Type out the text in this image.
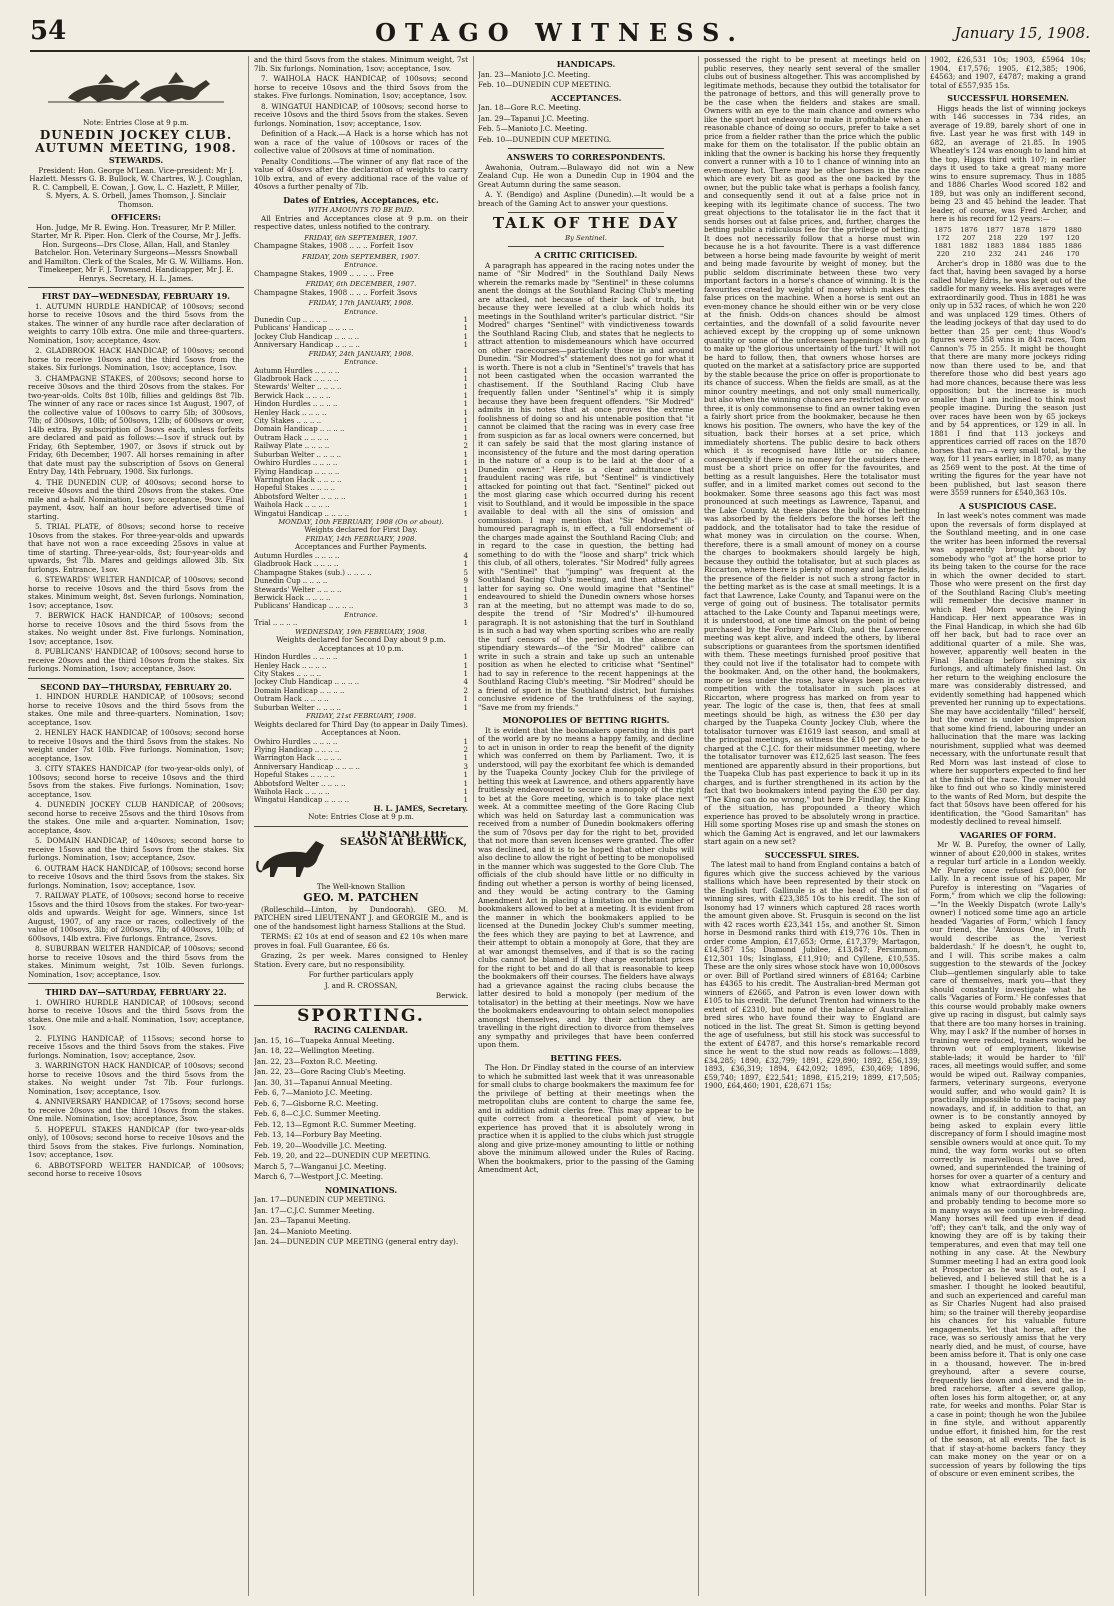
54	OTAGO WITNESS.	January 15, 1908.

Note: Entries Close at 9 p.m.

DUNEDIN JOCKEY CLUB.
AUTUMN MEETING, 1908.
STEWARDS.

President: Hon. George M'Lean. Vice-president: Mr J. Hazlett. Messrs G. B. Bullock, W. Chartres, W. J. Coughlan, R. C. Campbell, E. Cowan, J. Gow, L. C. Hazlett, P. Miller, S. Myers, A. S. Orbell, James Thomson, J. Sinclair Thomson.

OFFICERS:

Hon. Judge, Mr R. Ewing. Hon. Treasurer, Mr P. Miller. Starter, Mr R. Piper. Hon. Clerk of the Course, Mr J. Jeffs. Hon. Surgeons—Drs Close, Allan, Hall, and Stanley Batchelor. Hon. Veterinary Surgeons—Messrs Snowball and Hamilton. Clerk of the Scales, Mr G. W. Williams. Hon. Timekeeper, Mr F. J. Townsend. Handicapper, Mr J. E. Henrys. Secretary, H. L. James.

FIRST DAY—WEDNESDAY, FEBRUARY 19.

1. AUTUMN HURDLE HANDICAP, of 100sovs; second horse to receive 10sovs and the third 5sovs from the stakes. The winner of any hurdle race after declaration of weights to carry 10lb extra. One mile and three-quarters. Nomination, 1sov; acceptance, 4sov.

2. GLADBROOK HACK HANDICAP, of 100sovs; second horse to receive 10sovs and the third 5sovs from the stakes. Six furlongs. Nomination, 1sov; acceptance, 1sov.

3. CHAMPAGNE STAKES, of 200sovs; second horse to receive 30sovs and the third 20sovs from the stakes. For two-year-olds. Colts 8st 10lb, fillies and geldings 8st 7lb. The winner of any race or races since 1st August, 1907, of the collective value of 100sovs to carry 5lb; of 300sovs, 7lb; of 300sovs, 10lb; of 500sovs, 12lb; of 600sovs or over, 14lb extra. By subscription of 3sovs each, unless forfeits are declared and paid as follows:—1sov if struck out by Friday, 6th September, 1907, or 3sovs if struck out by Friday, 6th December, 1907. All horses remaining in after that date must pay the subscription of 5sovs on General Entry Day, 14th February, 1908. Six furlongs.

4. THE DUNEDIN CUP, of 400sovs; second horse to receive 40sovs and the third 20sovs from the stakes. One mile and a-half. Nomination, 1sov; acceptance, 9sov. Final payment, 4sov, half an hour before advertised time of starting.

5. TRIAL PLATE, of 80sovs; second horse to receive 10sovs from the stakes. For three-year-olds and upwards that have not won a race exceeding 25sovs in value at time of starting. Three-year-olds, 8st; four-year-olds and upwards, 9st 7lb. Mares and geldings allowed 3lb. Six furlongs. Entrance, 1sov.

6. STEWARDS' WELTER HANDICAP, of 100sovs; second horse to receive 10sovs and the third 5sovs from the stakes. Minimum weight, 8st. Seven furlongs. Nomination, 1sov; acceptance, 1sov.

7. BERWICK HACK HANDICAP, of 100sovs; second horse to receive 10sovs and the third 5sovs from the stakes. No weight under 8st. Five furlongs. Nomination, 1sov; acceptance, 1sov.

8. PUBLICANS' HANDICAP, of 100sovs; second horse to receive 20sovs and the third 10sovs from the stakes. Six furlongs. Nomination, 1sov; acceptance, 3sov.

SECOND DAY—THURSDAY, FEBRUARY 20.

1. HINDON HURDLE HANDICAP, of 100sovs; second horse to receive 10sovs and the third 5sovs from the stakes. One mile and three-quarters. Nomination, 1sov; acceptance, 1sov.

2. HENLEY HACK HANDICAP, of 100sovs; second horse to receive 10sovs and the third 5sovs from the stakes. No weight under 7st 10lb. Five furlongs. Nomination, 1sov; acceptance, 1sov.

3. CITY STAKES HANDICAP (for two-year-olds only), of 100sovs; second horse to receive 10sovs and the third 5sovs from the stakes. Five furlongs. Nomination, 1sov; acceptance, 1sov.

4. DUNEDIN JOCKEY CLUB HANDICAP, of 200sovs; second horse to receive 25sovs and the third 10sovs from the stakes. One mile and a-quarter. Nomination, 1sov; acceptance, 4sov.

5. DOMAIN HANDICAP, of 140sovs; second horse to receive 15sovs and the third 5sovs from the stakes. Six furlongs. Nomination, 1sov; acceptance, 2sov.

6. OUTRAM HACK HANDICAP, of 100sovs; second horse to receive 10sovs and the third 5sovs from the stakes. Six furlongs. Nomination, 1sov; acceptance, 1sov.

7. RAILWAY PLATE, of 100sovs; second horse to receive 15sovs and the third 10sovs from the stakes. For two-year-olds and upwards. Weight for age. Winners, since 1st August, 1907, of any race or races, collectively of the value of 100sovs, 3lb; of 200sovs, 7lb; of 400sovs, 10lb; of 600sovs, 14lb extra. Five furlongs. Entrance, 2sovs.

8. SUBURBAN WELTER HANDICAP, of 100sovs; second horse to receive 10sovs and the third 5sovs from the stakes. Minimum weight, 7st 10lb. Seven furlongs. Nomination, 1sov; acceptance, 1sov.

THIRD DAY—SATURDAY, FEBRUARY 22.

1. OWHIRO HURDLE HANDICAP, of 100sovs; second horse to receive 10sovs and the third 5sovs from the stakes. One mile and a-half. Nomination, 1sov; acceptance, 1sov.

2. FLYING HANDICAP, of 115sovs; second horse to receive 15sovs and the third 5sovs from the stakes. Five furlongs. Nomination, 1sov; acceptance, 2sov.

3. WARRINGTON HACK HANDICAP, of 100sovs; second horse to receive 10sovs and the third 5sovs from the stakes. No weight under 7st 7lb. Four furlongs. Nomination, 1sov; acceptance, 1sov.

4. ANNIVERSARY HANDICAP, of 175sovs; second horse to receive 20sovs and the third 10sovs from the stakes. One mile. Nomination, 1sov; acceptance, 3sov.

5. HOPEFUL STAKES HANDICAP (for two-year-olds only), of 100sovs; second horse to receive 10sovs and the third 5sovs from the stakes. Five furlongs. Nomination, 1sov; acceptance, 1sov.

6. ABBOTSFORD WELTER HANDICAP, of 100sovs; second horse to receive 10sovs

and the third 5sovs from the stakes. Minimum weight, 7st 7lb. Six furlongs. Nomination, 1sov; acceptance, 1sov.

7. WAIHOLA HACK HANDICAP, of 100sovs; second horse to receive 10sovs and the third 5sovs from the stakes. Five furlongs. Nomination, 1sov; acceptance, 1sov.

8. WINGATUI HANDICAP, of 100sovs; second horse to receive 10sovs and the third 5sovs from the stakes. Seven furlongs. Nomination, 1sov; acceptance, 1sov.

Definition of a Hack.—A Hack is a horse which has not won a race of the value of 100sovs or races of the collective value of 200sovs at time of nomination.

Penalty Conditions.—The winner of any flat race of the value of 40sovs after the declaration of weights to carry 10lb extra, and of every additional race of the value of 40sovs a further penalty of 7lb.

Dates of Entries, Acceptances, etc.
WITH AMOUNTS TO BE PAID.

All Entries and Acceptances close at 9 p.m. on their respective dates, unless notified to the contrary.

FRIDAY, 6th SEPTEMBER, 1907.

Champagne Stakes, 1908 .. .. .. Forfeit 1sov

FRIDAY, 20th SEPTEMBER, 1907.
Entrance.

Champagne Stakes, 1909 .. .. .. .. Free

FRIDAY, 6th DECEMBER, 1907.

Champagne Stakes, 1908 .. .. .. Forfeit 3sovs

FRIDAY, 17th JANUARY, 1908.
Entrance.
Dunedin Cup .. .. .. ..	1
Publicans' Handicap .. .. .. ..	1
Jockey Club Handicap .. .. .. ..	1
Anniversary Handicap .. .. .. ..	1
FRIDAY, 24th JANUARY, 1908.
Entrance.
Autumn Hurdles .. .. .. ..	1
Gladbrook Hack .. .. .. ..	1
Stewards' Welter .. .. .. ..	1
Berwick Hack .. .. .. ..	1
Hindon Hurdles .. .. .. ..	1
Henley Hack .. .. .. ..	1
City Stakes .. .. .. ..	1
Domain Handicap .. .. .. ..	1
Outram Hack .. .. .. ..	1
Railway Plate .. .. .. ..	2
Suburban Welter .. .. .. ..	1
Owhiro Hurdles .. .. .. ..	1
Flying Handicap .. .. .. ..	1
Warrington Hack .. .. .. ..	1
Hopeful Stakes .. .. .. ..	1
Abbotsford Welter .. .. .. ..	1
Waihola Hack .. .. .. ..	1
Wingatui Handicap .. .. .. ..	1
MONDAY, 10th FEBRUARY, 1908 (On or about).
Weights declared for First Day.
FRIDAY, 14th FEBRUARY, 1908.
Acceptances and Further Payments.
Autumn Hurdles .. .. .. ..	4
Gladbrook Hack .. .. .. ..	1
Champagne Stakes (sub.) .. .. .. ..	5
Dunedin Cup .. .. .. ..	9
Stewards' Welter .. .. .. ..	1
Berwick Hack .. .. .. ..	1
Publicans' Handicap .. .. .. ..	3
Entrance.
Trial .. .. .. ..	1
WEDNESDAY, 19th FEBRUARY, 1908.
Weights declared for Second Day about 9 p.m.
Acceptances at 10 p.m.
Hindon Hurdles .. .. .. ..	1
Henley Hack .. .. .. ..	1
City Stakes .. .. .. ..	1
Jockey Club Handicap .. .. .. ..	4
Domain Handicap .. .. .. ..	2
Outram Hack .. .. .. ..	1
Suburban Welter .. .. .. ..	1
FRIDAY, 21st FEBRUARY, 1908.
Weights declared for Third Day (to appear in Daily Times).
Acceptances at Noon.
Owhiro Hurdles .. .. .. ..	1
Flying Handicap .. .. .. ..	2
Warrington Hack .. .. .. ..	1
Anniversary Handicap .. .. .. ..	3
Hopeful Stakes .. .. .. ..	1
Abbotsford Welter .. .. .. ..	1
Waihola Hack .. .. .. ..	1
Wingatui Handicap .. .. .. ..	1
H. L. JAMES, Secretary.

Note: Entries Close at 9 p.m.

TO STAND THE SEASON At BERWICK,
The Well-known Stallion
GEO. M. PATCHEN

(Rolleschild—Linton, by Dundoorah). GEO. M. PATCHEN sired LIEUTENANT J. and GEORGIE M., and is one of the handsomest light harness Stallions at the Stud.

TERMS: £2 10s at end of season and £2 10s when mare proves in foal. Full Guarantee, £6 6s.

Grazing, 2s per week. Mares consigned to Henley Station. Every care, but no responsibility.

For further particulars apply

J. and R. CROSSAN,

Berwick.

SPORTING.
RACING CALENDAR.

Jan. 15, 16—Tuapeka Annual Meeting.

Jan. 18, 22—Wellington Meeting.

Jan. 22, 23—Foxton R.C. Meeting.

Jan. 22, 23—Gore Racing Club's Meeting.

Jan. 30, 31—Tapanui Annual Meeting.

Feb. 6, 7—Manioto J.C. Meeting.

Feb. 6, 7—Gisborne R.C. Meeting.

Feb. 6, 8—C.J.C. Summer Meeting.

Feb. 12, 13—Egmont R.C. Summer Meeting.

Feb. 13, 14—Forbury Bay Meeting.

Feb. 19, 20—Woodville J.C. Meeting.

Feb. 19, 20, and 22—DUNEDIN CUP MEETING.

March 5, 7—Wanganui J.C. Meeting.

March 6, 7—Westport J.C. Meeting.

NOMINATIONS.

Jan. 17—DUNEDIN CUP MEETING.

Jan. 17—C.J.C. Summer Meeting.

Jan. 23—Tapanui Meeting.

Jan. 24—Manioto Meeting.

Jan. 24—DUNEDIN CUP MEETING (general entry day).

HANDICAPS.

Jan. 23—Manioto J.C. Meeting.

Feb. 10—DUNEDIN CUP MEETING.

ACCEPTANCES.

Jan. 18—Gore R.C. Meeting.

Jan. 29—Tapanui J.C. Meeting.

Feb. 5—Manioto J.C. Meeting.

Feb. 10—DUNEDIN CUP MEETING.

ANSWERS TO CORRESPONDENTS.

Awahonia, Outram.—Bulawayo did not win a New Zealand Cup. He won a Dunedin Cup in 1904 and the Great Autumn during the same season.

A. Y. (Bendigo) and Aspline (Dunedin).—It would be a breach of the Gaming Act to answer your questions.

TALK OF THE DAY
By Sentinel.
A CRITIC CRITICISED.

A paragraph has appeared in the racing notes under the name of "Sir Modred" in the Southland Daily News wherein the remarks made by "Sentinel" in these columns anent the doings at the Southland Racing Club's meeting are attacked, not because of their lack of truth, but because they were levelled at a club which holds its meetings in the Southland writer's particular district. "Sir Modred" charges "Sentinel" with vindictiveness towards the Southland Racing Club, and states that he neglects to attract attention to misdemeanours which have occurred on other racecourses—particularly those in and around Dunedin. "Sir Modred's" statement does not go for what it is worth. There is not a club in "Sentinel's" travels that has not been castigated when the occasion warranted the chastisement. If the Southland Racing Club have frequently fallen under "Sentinel's" whip it is simply because they have been frequent offenders. "Sir Modred" admits in his notes that at once proves the extreme foolishness of doing so and his untenable position that "it cannot be claimed that the racing was in every case free from suspicion as far as local owners were concerned, but it can safely be said that the most glaring instance of inconsistency of the future and the most daring operation in the nature of a coup is to be laid at the door of a Dunedin owner." Here is a clear admittance that fraudulent racing was rife, but "Sentinel" is vindictively attacked for pointing out that fact. "Sentinel" picked out the most glaring case which occurred during his recent visit to Southland, and it would be impossible in the space available to deal with all the sins of omission and commission. I may mention that "Sir Modred's" ill-humoured paragraph is, in effect, a full endorsement of the charges made against the Southland Racing Club; and in regard to the case in question, the betting had something to do with the "loose and sharp" trick which this club, of all others, tolerates. "Sir Modred" fully agrees with "Sentinel" that "jumping" was frequent at the Southland Racing Club's meeting, and then attacks the latter for saying so. One would imagine that "Sentinel" endeavoured to shield the Dunedin owners whose horses ran at the meeting, but no attempt was made to do so, despite the trend of "Sir Modred's" ill-humoured paragraph. It is not astonishing that the turf in Southland is in such a bad way when sporting scribes who are really the turf censors of the period, in the absence of stipendiary stewards—of the "Sir Modred" calibre can write in such a strain and take up such an untenable position as when he elected to criticise what "Sentinel" had to say in reference to the recent happenings at the Southland Racing Club's meeting. "Sir Modred" should be a friend of sport in the Southland district, but furnishes conclusive evidence of the truthfulness of the saying, "Save me from my friends."

MONOPOLIES OF BETTING RIGHTS.

It is evident that the bookmakers operating in this part of the world are by no means a happy family, and decline to act in unison in order to reap the benefit of the dignity which was conferred on them by Parliament. Two, it is understood, will pay the exorbitant fee which is demanded by the Tuapeka County Jockey Club for the privilege of betting this week at Lawrence, and others apparently have fruitlessly endeavoured to secure a monopoly of the right to bet at the Gore meeting, which is to take place next week. At a committee meeting of the Gore Racing Club which was held on Saturday last a communication was received from a number of Dunedin bookmakers offering the sum of 70sovs per day for the right to bet, provided that not more than seven licenses were granted. The offer was declined, and it is to be hoped that other clubs will also decline to allow the right of betting to be monopolised in the manner which was suggested to the Gore Club. The officials of the club should have little or no difficulty in finding out whether a person is worthy of being licensed, and they would be acting contrary to the Gaming Amendment Act in placing a limitation on the number of bookmakers allowed to bet at a meeting. It is evident from the manner in which the bookmakers applied to be licensed at the Dunedin Jockey Club's summer meeting, the fees which they are paying to bet at Lawrence, and their attempt to obtain a monopoly at Gore, that they are at war amongst themselves, and if that is so the racing clubs cannot be blamed if they charge exorbitant prices for the right to bet and do all that is reasonable to keep the bookmakers off their courses. The fielders have always had a grievance against the racing clubs because the latter desired to hold a monopoly (per medium of the totalisator) in the betting at their meetings. Now we have the bookmakers endeavouring to obtain select monopolies amongst themselves, and by their action they are travelling in the right direction to divorce from themselves any sympathy and privileges that have been conferred upon them.

BETTING FEES.

The Hon. Dr Findlay stated in the course of an interview to which he submitted last week that it was unreasonable for small clubs to charge bookmakers the maximum fee for the privilege of betting at their meetings when the metropolitan clubs are content to charge the same fee, and in addition admit clerks free. This may appear to be quite correct from a theoretical point of view, but experience has proved that it is absolutely wrong in practice when it is applied to the clubs which just struggle along and give prize-money amounting to little or nothing above the minimum allowed under the Rules of Racing. When the bookmakers, prior to the passing of the Gaming Amendment Act,

possessed the right to be present at meetings held on public reserves, they nearly sent several of the smaller clubs out of business altogether. This was accomplished by legitimate methods, because they outbid the totalisator for the patronage of bettors, and this will generally prove to be the case when the fielders and stakes are small. Owners with an eye to the main chance and owners who like the sport but endeavour to make it profitable when a reasonable chance of doing so occurs, prefer to take a set price from a fielder rather than the price which the public make for them on the totalisator. If the public obtain an inkling that the owner is backing his horse they frequently convert a runner with a 10 to 1 chance of winning into an even-money hot. There may be other horses in the race which are every bit as good as the one backed by the owner, but the public take what is perhaps a foolish fancy, and consequently send it out at a false price not in keeping with its legitimate chance of success. The two great objections to the totalisator lie in the fact that it sends horses out at false prices, and, further, charges the betting public a ridiculous fee for the privilege of betting. It does not necessarily follow that a horse must win because he is a hot favourite. There is a vast difference between a horse being made favourite by weight of merit and being made favourite by weight of money, but the public seldom discriminate between these two very important factors in a horse's chance of winning. It is the favourites created by weight of money which makes the false prices on the machine. When a horse is sent out an even-money chance he should either win or be very close at the finish. Odds-on chances should be almost certainties, and the downfall of a solid favourite never achieved except by the cropping up of some unknown quantity or some of the unforeseen happenings which go to make up 'the glorious uncertainty of the turf.' It will not be hard to follow, then, that owners whose horses are quoted on the market at a satisfactory price are supported by the stable because the price on offer is proportionate to its chance of success. When the fields are small, as at the minor country meetings, and not only small numerically, but also when the winning chances are restricted to two or three, it is only commonsense to find an owner taking even a fairly short price from the bookmaker, because he then knows his position. The owners, who have the key of the situation, back their horses at a set price, which immediately shortens. The public desire to back others which it is recognised have little or no chance, consequently if there is no money for the outsiders there must be a short price on offer for the favourites, and betting as a result languishes. Here the totalisator must suffer, and in a limited market comes out second to the bookmaker. Some three seasons ago this fact was most pronounced at such meetings as Lawrence, Tapanui, and the Lake County. At these places the bulk of the betting was absorbed by the fielders before the horses left the paddock, and the totalisator had to take the residue of what money was in circulation on the course. When, therefore, there is a small amount of money on a course the charges to bookmakers should largely be high, because they outbid the totalisator, but at such places as Riccarton, where there is plenty of money and large fields, the presence of the fielder is not such a strong factor in the betting market as is the case at small meetings. It is a fact that Lawrence, Lake County, and Tapanui were on the verge of going out of business. The totalisator permits attached to the Lake County and Tapanui meetings were, it is understood, at one time almost on the point of being purchased by the Forbury Park Club, and the Lawrence meeting was kept alive, and indeed the others, by liberal subscriptions or guarantees from the sportsmen identified with them. These meetings furnished proof positive that they could not live if the totalisator had to compete with the bookmaker. And, on the other hand, the bookmakers, more or less under the rose, have always been in active competition with the totalisator in such places at Riccarton, where progress has marked on from year to year. The logic of the case is, then, that fees at small meetings should be high, as witness the £30 per day charged by the Tuapeka County Jockey Club, where the totalisator turnover was £1619 last season, and small at the principal meetings, as witness the £10 per day to be charged at the C.J.C. for their midsummer meeting, where the totalisator turnover was £12,625 last season. The fees mentioned are apparently absurd in their proportions, but the Tuapeka Club has past experience to back it up in its charges, and is further strengthened in its action by the fact that two bookmakers intend paying the £30 per day. "The King can do no wrong," but here Dr Findlay, the King of the situation, has propounded a theory which experience has proved to be absolutely wrong in practice. Hill some sporting Moses rise up and smash the stones on which the Gaming Act is engraved, and let our lawmakers start again on a new set?

SUCCESSFUL SIRES.

The latest mail to hand from England contains a batch of figures which give the success achieved by the various stallions which have been represented by their stock on the English turf. Gallinule is at the head of the list of winning sires, with £23,385 10s to his credit. The son of Isonomy had 17 winners which captured 28 races worth the amount given above. St. Frusquin is second on the list with 42 races worth £23,341 15s, and another St. Simon horse in Desmond ranks third with £19,776 10s. Then in order come Ampion, £17,653; Orme, £17,379; Martagon, £14,587 15s; Diamond Jubilee, £13,847; Persimmon, £12,301 10s; Isinglass, £11,910; and Cyllene, £10,535. These are the only sires whose stock have won 10,000sovs or over. Bill of Portland sired winners of £8164; Carbine has £4365 to his credit. The Australian-bred Merman got winners of £2665, and Patron is even lower down with £105 to his credit. The defunct Trenton had winners to the extent of £2310, but none of the balance of Australian-bred sires who have found their way to England are noticed in the list. The great St. Simon is getting beyond the age of usefulness, but still his stock was successful to the extent of £4787, and this horse's remarkable record since he went to the stud now reads as follows:—1889, £34,285; 1890, £32,799; 1891, £29,890; 1892, £56,139; 1893, £36,319; 1894, £42,092; 1895, £30,469; 1896, £59,740; 1897, £22,541; 1898, £15,219; 1899, £17,505; 1900, £64,460; 1901, £28,671 15s;

1902, £26,531 10s; 1903, £5964 10s; 1904, £17,576; 1905, £12,385; 1906, £4563; and 1907, £4787; making a grand total of £557,935 15s.

SUCCESSFUL HORSEMEN.

Higgs heads the list of winning jockeys with 146 successes in 734 rides, an average of 19.89, barely short of one in five. Last year he was first with 149 in 682, an average of 21.85. In 1905 Wheatley's 124 was enough to land him at the top, Higgs third with 107; in earlier days it used to take a great many more wins to ensure supremacy. Thus in 1885 and 1886 Charles Wood scored 182 and 189, but was only an indifferent second, being 23 and 45 behind the leader. That leader, of course, was Fred Archer, and here is his record for 12 years:—

1875	1876	1877	1878	1879	1880
172	207	218	229	197	120
1881	1882	1883	1884	1885	1886
220	210	232	241	246	170

Archer's drop in 1880 was due to the fact that, having been savaged by a horse called Muley Edris, he was kept out of the saddle for many weeks. His averages were extraordinarily good. Thus in 1881 he was only up in 532 races, of which he won 220 and was unplaced 129 times. Others of the leading jockeys of that day used to do better than 25 per cent; thus Wood's figures were 358 wins in 843 races, Tom Cannon's 75 in 255. It might be thought that there are many more jockeys riding now than there used to be, and that therefore those who did best years ago had more chances, because there was less opposition; but the increase is much smaller than I am inclined to think most people imagine. During the season just over races have been won by 65 jockeys and by 54 apprentices, or 129 in all. In 1881 I find that 113 jockeys and apprentices carried off races on the 1870 horses that ran—a very small total, by the way, for 11 years earlier, in 1870, as many as 2569 went to the post. At the time of writing the figures for the year have not been published, but last season there were 3559 runners for £540,363 10s.

A SUSPICIOUS CASE.

In last week's notes comment was made upon the reversals of form displayed at the Southland meeting, and in one case the writer has been informed the reversal was apparently brought about by somebody who "got at" the horse prior to its being taken to the course for the race in which the owner decided to start. Those who were present on the first day of the Southland Racing Club's meeting will remember the decisive manner in which Red Morn won the Flying Handicap. Her next appearance was in the Final Handicap, in which she had 6lb off her back, but had to race over an additional quarter of a mile. She was, however, apparently well beaten in the Final Handicap before running six furlongs, and ultimately finished last. On her return to the weighing enclosure the mare was considerably distressed, and evidently something had happened which prevented her running up to expectations. She may have accidentally "filled" herself, but the owner is under the impression that some kind friend, labouring under an hallucination that the mare was lacking nourishment, supplied what was deemed necessary, with the unfortunate result that Red Morn was last instead of close to where her supporters expected to find her at the finish of the race. The owner would like to find out who so kindly ministered to the wants of Red Morn, but despite the fact that 50sovs have been offered for his identification, the "Good Samaritan" has modestly declined to reveal himself.

VAGARIES OF FORM.

Mr W. B. Purefoy, the owner of Lally, winner of about £20,000 in stakes, writes a regular turf article in a London weekly. Mr Purefoy once refused £20,000 for Lally. In a recent issue of his paper, Mr Purefoy is interesting on "Vagaries of Form," from which we clip the following:—"In the Weekly Dispatch (wrote Lally's owner) I noticed some time ago an article headed 'Vagaries of Form,' which I fancy our friend, the 'Anxious One,' in Truth would describe as the 'veriest balderdash.' If he doesn't, he ought to, and I will. This scribe makes a calm suggestion to the stewards of the Jockey Club—gentlemen singularly able to take care of themselves, mark you—that they should constantly investigate what he calls 'Vagaries of Form.' He confesses that this course would probably make owners give up racing in disgust, but calmly says that there are too many horses in training. Why, may I ask? If the number of horses in training were reduced, trainers would be thrown out of employment, likewise stable-lads; it would be harder to 'fill' races, all meetings would suffer, and some would be wiped out. Railway companies, farmers, veterinary surgeons, everyone would suffer, and who would gain? It is practically impossible to make racing pay nowadays, and if, in addition to that, an owner is to be constantly annoyed by being asked to explain every little discrepancy of form I should imagine most sensible owners would at once quit. To my mind, the way form works out so often correctly is marvellous. I have bred, owned, and superintended the training of horses for over a quarter of a century and know what extraordinarily delicate animals many of our thoroughbreds are, and probably tending to become more so in many ways as we continue in-breeding. Many horses will feed up even if dead 'off'; they can't talk, and the only way of knowing they are off is by taking their temperatures, and even that may tell one nothing in any case. At the Newbury Summer meeting I had an extra good look at Prospector as he was led out, as I believed, and I believed still that he is a smasher. I thought he looked beautiful, and such an experienced and careful man as Sir Charles Nugent had also praised him; so the trainer will thereby jeopardise his chances for his valuable future engagements. Yet that horse, after the race, was so seriously amiss that he very nearly died, and he must, of course, have been amiss before it. That is only one case in a thousand, however. The in-bred greyhound, after a severe course, frequently lies down and dies, and the in-bred racehorse, after a severe gallop, often loses his form altogether, or, at any rate, for weeks and months. Polar Star is a case in point; though he won the Jubilee in fine style, and without apparently undue effort, it finished him, for the rest of the season, at all events. The fact is that if stay-at-home backers fancy they can make money on the year or on a succession of years by following the tips of obscure or even eminent scribes, the
